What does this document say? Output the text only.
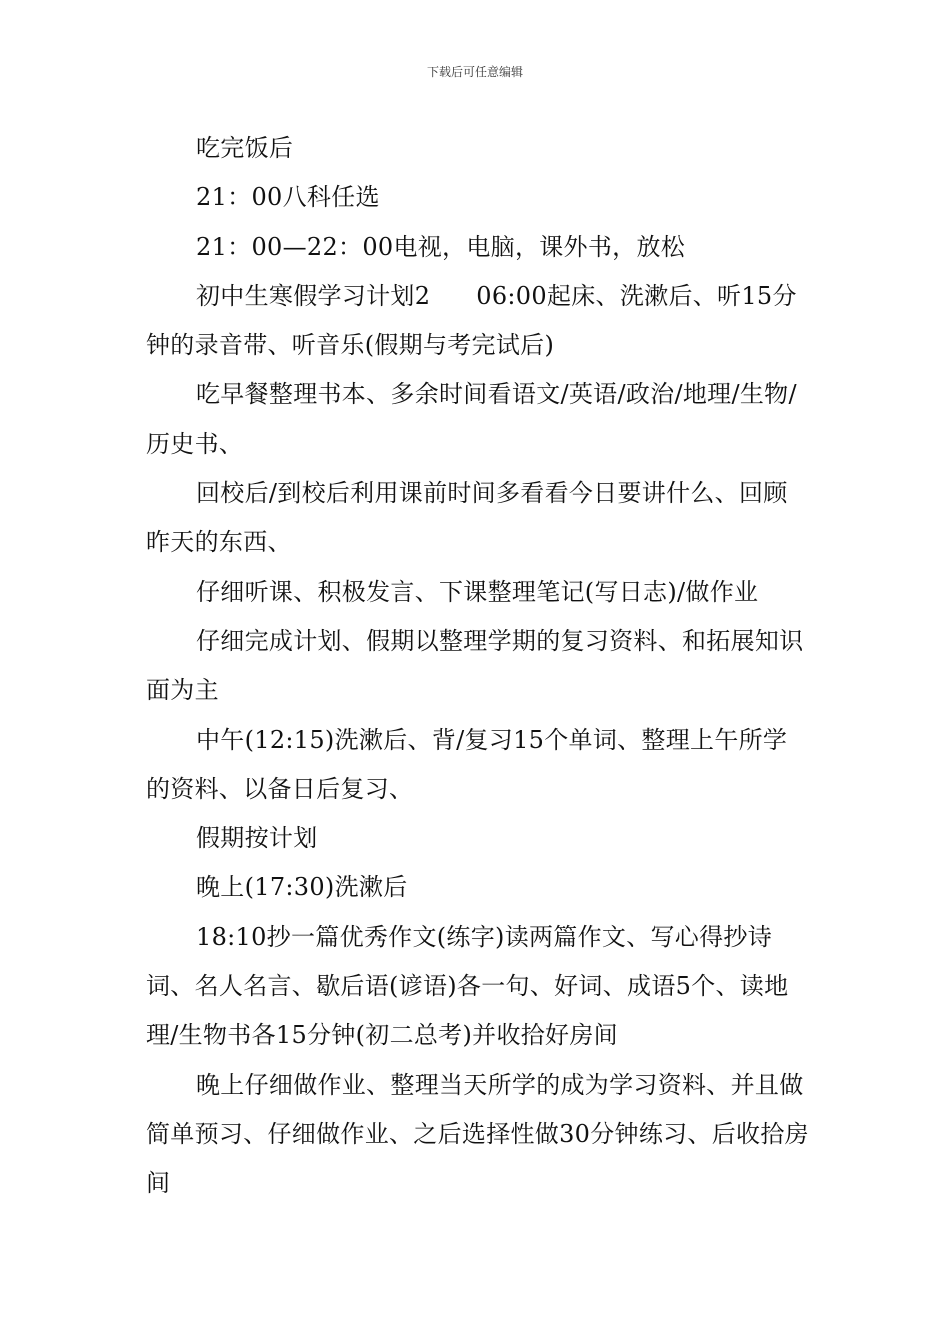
下载后可任意编辑

吃完饭后

21：00八科任选

21：00—22：00电视，电脑，课外书，放松

初中生寒假学习计划2 06:00起床、洗漱后、听15分钟的录音带、听音乐(假期与考完试后)

吃早餐整理书本、多余时间看语文/英语/政治/地理/生物/历史书、

回校后/到校后利用课前时间多看看今日要讲什么、回顾昨天的东西、

仔细听课、积极发言、下课整理笔记(写日志)/做作业

仔细完成计划、假期以整理学期的复习资料、和拓展知识面为主

中午(12:15)洗漱后、背/复习15个单词、整理上午所学的资料、以备日后复习、

假期按计划

晚上(17:30)洗漱后

18:10抄一篇优秀作文(练字)读两篇作文、写心得抄诗词、名人名言、歇后语(谚语)各一句、好词、成语5个、读地理/生物书各15分钟(初二总考)并收拾好房间

晚上仔细做作业、整理当天所学的成为学习资料、并且做简单预习、仔细做作业、之后选择性做30分钟练习、后收拾房间
